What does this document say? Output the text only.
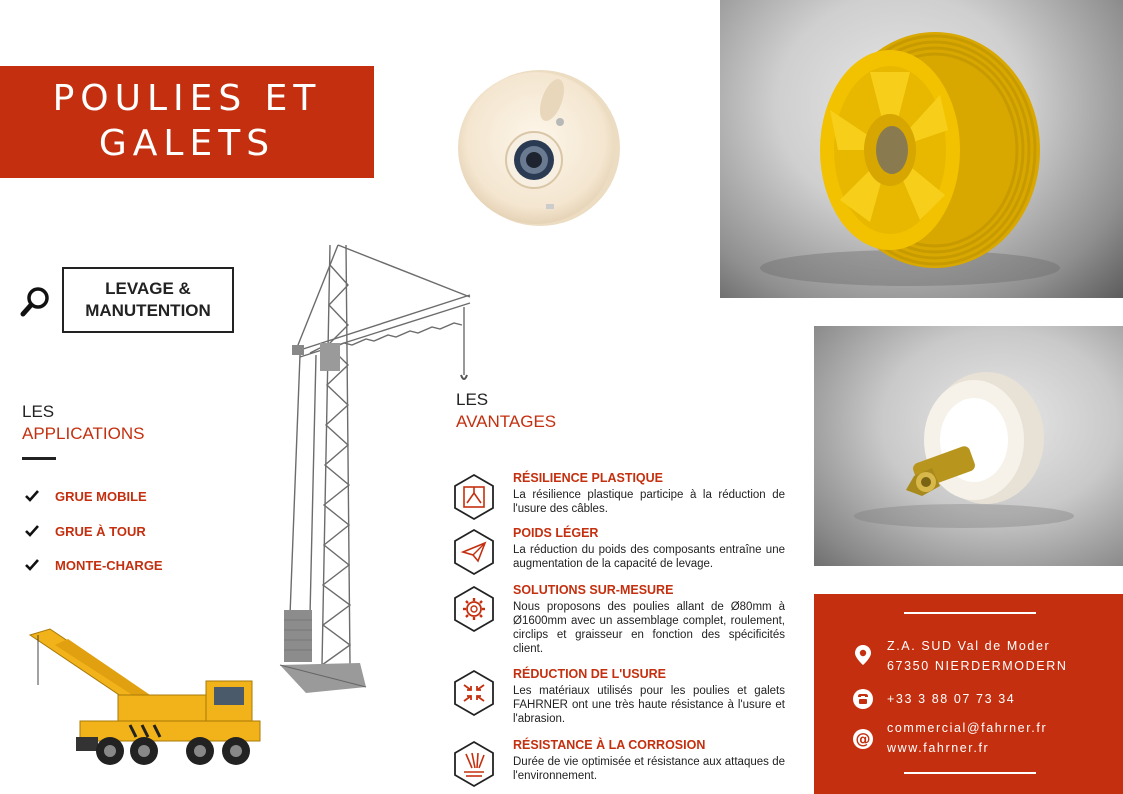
POULIES ET
GALETS
LEVAGE &
MANUTENTION
LES
APPLICATIONS
GRUE MOBILE
GRUE À TOUR
MONTE-CHARGE
LES
AVANTAGES
RÉSILIENCE PLASTIQUE
La résilience plastique participe à la réduction de l'usure des câbles.
POIDS LÉGER
La réduction du poids des composants entraîne une augmentation de la capacité de levage.
SOLUTIONS SUR-MESURE
Nous proposons des poulies allant de Ø80mm à Ø1600mm avec un assemblage complet, roulement, circlips et graisseur en fonction des spécificités client.
RÉDUCTION DE L'USURE
Les matériaux utilisés pour les poulies et galets FAHRNER ont une très haute résistance à l'usure et l'abrasion.
RÉSISTANCE À LA CORROSION
Durée de vie optimisée et résistance aux attaques de l'environnement.
Z.A. SUD Val de Moder
67350 NIERDERMODERN
+33 3 88 07 73 34
@
commercial@fahrner.fr
www.fahrner.fr
